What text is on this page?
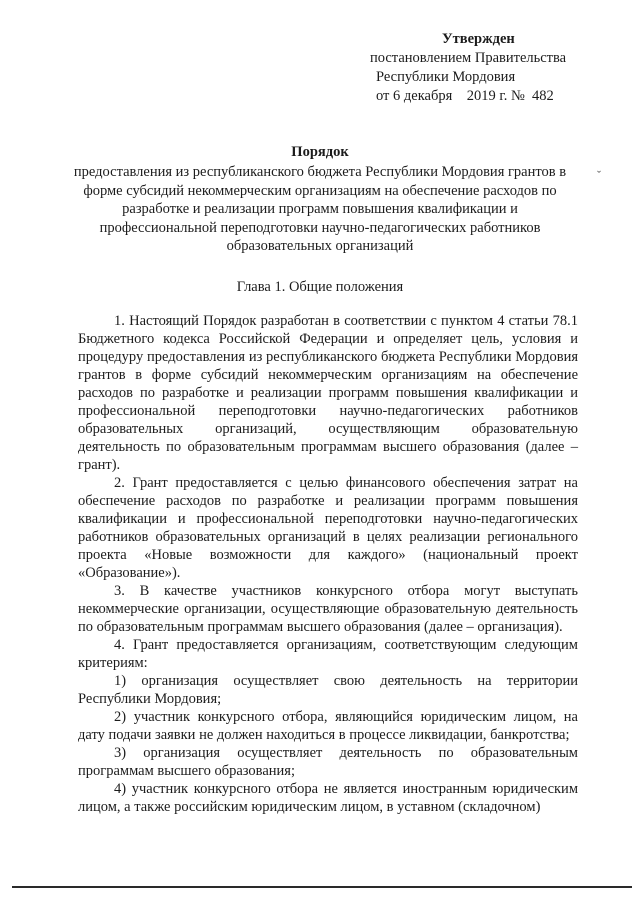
Утвержден
постановлением Правительства
Республики Мордовия
от 6 декабря    2019 г. №  482
ˇ
Порядок
предоставления из республиканского бюджета Республики Мордовия грантов в форме субсидий некоммерческим организациям на обеспечение расходов по разработке и реализации программ повышения квалификации и профессиональной переподготовки научно-педагогических работников образовательных организаций
Глава 1. Общие положения

1. Настоящий Порядок разработан в соответствии с пунктом 4 статьи 78.1 Бюджетного кодекса Российской Федерации и определяет цель, условия и процедуру предоставления из республиканского бюджета Республики Мордовия грантов в форме субсидий некоммерческим организациям на обеспечение расходов по разработке и реализации программ повышения квалификации и профессиональной переподготовки научно-педагогических работников образовательных организаций, осуществляющим образовательную деятельность по образовательным программам высшего образования (далее – грант).

2. Грант предоставляется с целью финансового обеспечения затрат на обеспечение расходов по разработке и реализации программ повышения квалификации и профессиональной переподготовки научно-педагогических работников образовательных организаций в целях реализации регионального проекта «Новые возможности для каждого» (национальный проект «Образование»).

3. В качестве участников конкурсного отбора могут выступать некоммерческие организации, осуществляющие образовательную деятельность по образовательным программам высшего образования (далее – организация).

4. Грант предоставляется организациям, соответствующим следующим критериям:

1) организация осуществляет свою деятельность на территории Республики Мордовия;

2) участник конкурсного отбора, являющийся юридическим лицом, на дату подачи заявки не должен находиться в процессе ликвидации, банкротства;

3) организация осуществляет деятельность по образовательным программам высшего образования;

4) участник конкурсного отбора не является иностранным юридическим лицом, а также российским юридическим лицом, в уставном (складочном)
